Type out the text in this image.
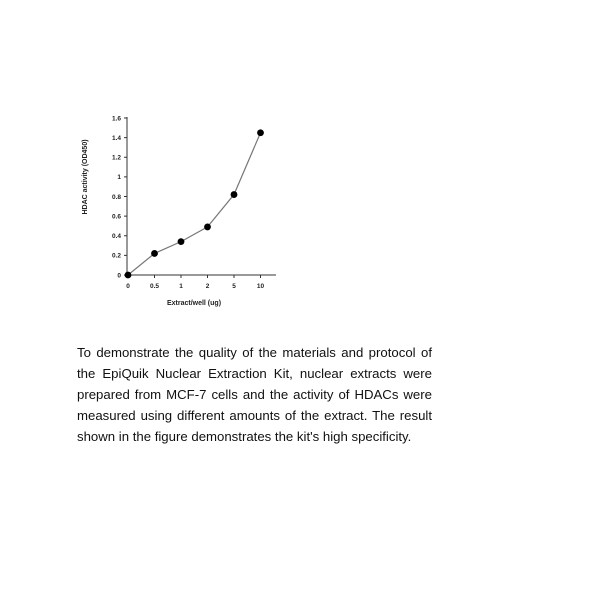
0
0.2
0.4
0.6
0.8
1
1.2
1.4
1.6
0	0.5	1	2	5	10
Extract/well (ug)
HDAC activity (OD450)

To demonstrate the quality of the materials and protocol of the EpiQuik Nuclear Extraction Kit, nuclear extracts were prepared from MCF-7 cells and the activity of HDACs were measured using different amounts of the extract. The result shown in the figure demonstrates the kit's high specificity.
